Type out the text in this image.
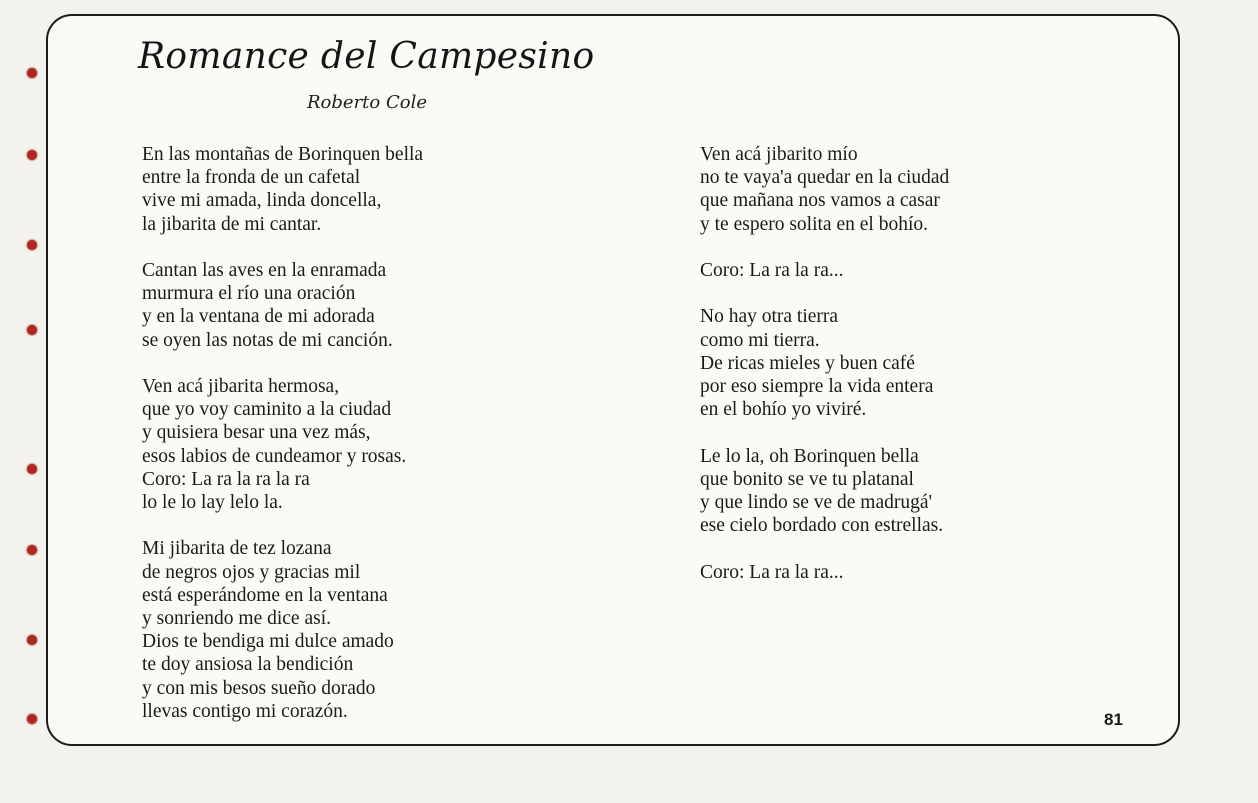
Romance del Campesino

Roberto Cole

En las montañas de Borinquen bella
entre la fronda de un cafetal
vive mi amada, linda doncella,
la jibarita de mi cantar.
Cantan las aves en la enramada
murmura el río una oración
y en la ventana de mi adorada
se oyen las notas de mi canción.
Ven acá jibarita hermosa,
que yo voy caminito a la ciudad
y quisiera besar una vez más,
esos labios de cundeamor y rosas.
Coro: La ra la ra la ra
lo le lo lay lelo la.
Mi jibarita de tez lozana
de negros ojos y gracias mil
está esperándome en la ventana
y sonriendo me dice así.
Dios te bendiga mi dulce amado
te doy ansiosa la bendición
y con mis besos sueño dorado
llevas contigo mi corazón.
Ven acá jibarito mío
no te vaya'a quedar en la ciudad
que mañana nos vamos a casar
y te espero solita en el bohío.
Coro: La ra la ra...
No hay otra tierra
como mi tierra.
De ricas mieles y buen café
por eso siempre la vida entera
en el bohío yo viviré.
Le lo la, oh Borinquen bella
que bonito se ve tu platanal
y que lindo se ve de madrugá'
ese cielo bordado con estrellas.
Coro: La ra la ra...
81
